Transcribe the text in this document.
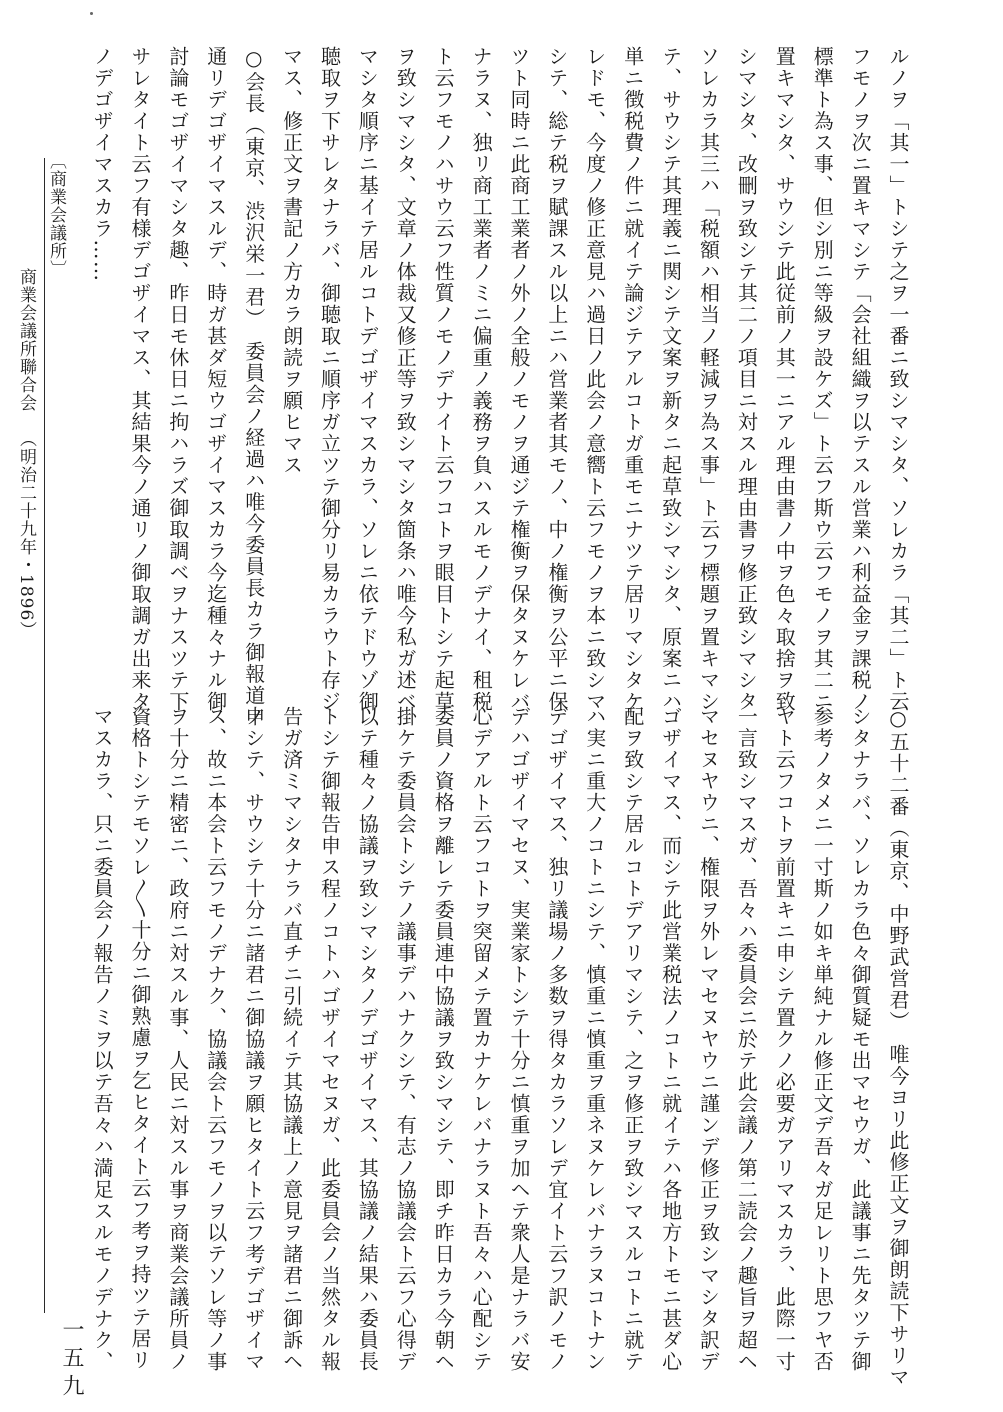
ルノヲ「其一」トシテ之ヲ一番ニ致シマシタ、ソレカラ「其二」ト云

フモノヲ次ニ置キマシテ「会社組織ヲ以テスル営業ハ利益金ヲ課税ノ

標準ト為ス事、但シ別ニ等級ヲ設ケズ」ト云フ斯ウ云フモノヲ其二ニ

置キマシタ、サウシテ此従前ノ其一ニアル理由書ノ中ヲ色々取捨ヲ致

シマシタ、改刪ヲ致シテ其二ノ項目ニ対スル理由書ヲ修正致シマシタ

ソレカラ其三ハ「税額ハ相当ノ軽減ヲ為ス事」ト云フ標題ヲ置キマシ

テ、サウシテ其理義ニ関シテ文案ヲ新タニ起草致シマシタ、原案ニハ

単ニ徴税費ノ件ニ就イテ論ジテアルコトガ重モニナツテ居リマシタケ

レドモ、今度ノ修正意見ハ過日ノ此会ノ意嚮ト云フモノヲ本ニ致シマ

シテ、総テ税ヲ賦課スル以上ニハ営業者其モノ、中ノ権衡ヲ公平ニ保

ツト同時ニ此商工業者ノ外ノ全般ノモノヲ通ジテ権衡ヲ保タヌケレバ

ナラヌ、独リ商工業者ノミニ偏重ノ義務ヲ負ハスルモノデナイ、租税

ト云フモノハサウ云フ性質ノモノデナイト云フコトヲ眼目トシテ起草

ヲ致シマシタ、文章ノ体裁又修正等ヲ致シマシタ箇条ハ唯今私ガ述ベ

マシタ順序ニ基イテ居ルコトデゴザイマスカラ、ソレニ依テドウゾ御

聴取ヲ下サレタナラバ、御聴取ニ順序ガ立ツテ御分リ易カラウト存ジ

マス、修正文ヲ書記ノ方カラ朗読ヲ願ヒマス

○会長（東京、渋沢栄一君）　委員会ノ経過ハ唯今委員長カラ御報道ノ

通リデゴザイマスルデ、時ガ甚ダ短ウゴザイマスカラ今迄種々ナル御

討論モゴザイマシタ趣、昨日モ休日ニ拘ハラズ御取調ベヲナスツテ下

サレタイト云フ有様デゴザイマス、其結果今ノ通リノ御取調ガ出来タ

ノデゴザイマスカラ……

○五十二番（東京、中野武営君）　唯今ヨリ此修正文ヲ御朗読下サリマ

シタナラバ、ソレカラ色々御質疑モ出マセウガ、此議事ニ先タツテ御

参考ノタメニ一寸斯ノ如キ単純ナル修正文デ吾々ガ足レリト思フヤ否

ヤト云フコトヲ前置キニ申シテ置クノ必要ガアリマスカラ、此際一寸

一言致シマスガ、吾々ハ委員会ニ於テ此会議ノ第二読会ノ趣旨ヲ超ヘ

マセヌヤウニ、権限ヲ外レマセヌヤウニ謹ンデ修正ヲ致シマシタ訳デ

ゴザイマス、而シテ此営業税法ノコトニ就イテハ各地方トモニ甚ダ心

配ヲ致シテ居ルコトデアリマシテ、之ヲ修正ヲ致シマスルコトニ就テ

ハ実ニ重大ノコトニシテ、慎重ニ慎重ヲ重ネヌケレバナラヌコトナン

デゴザイマス、独リ議場ノ多数ヲ得タカラソレデ宜イト云フ訳ノモノ

デハゴザイマセヌ、実業家トシテ十分ニ慎重ヲ加ヘテ衆人是ナラバ安

心デアルト云フコトヲ突留メテ置カナケレバナラヌト吾々ハ心配シテ

委員ノ資格ヲ離レテ委員連中協議ヲ致シマシテ、即チ昨日カラ今朝ヘ

掛ケテ委員会トシテノ議事デハナクシテ、有志ノ協議会ト云フ心得デ

以テ種々ノ協議ヲ致シマシタノデゴザイマス、其協議ノ結果ハ委員長

トシテ御報告申ス程ノコトハゴザイマセヌガ、此委員会ノ当然タル報

告ガ済ミマシタナラバ直チニ引続イテ其協議上ノ意見ヲ諸君ニ御訴ヘ

申シテ、サウシテ十分ニ諸君ニ御協議ヲ願ヒタイト云フ考デゴザイマ

ス、故ニ本会ト云フモノデナク、協議会ト云フモノヲ以テソレ等ノ事

ヲ十分ニ精密ニ、政府ニ対スル事、人民ニ対スル事ヲ商業会議所員ノ

資格トシテモソレ〳〵十分ニ御熟慮ヲ乞ヒタイト云フ考ヲ持ツテ居リ

マスカラ、只ニ委員会ノ報告ノミヲ以テ吾々ハ満足スルモノデナク、

〔商業会議所〕

商業会議所聯合会

（明治二十九年・1896）

一五九
